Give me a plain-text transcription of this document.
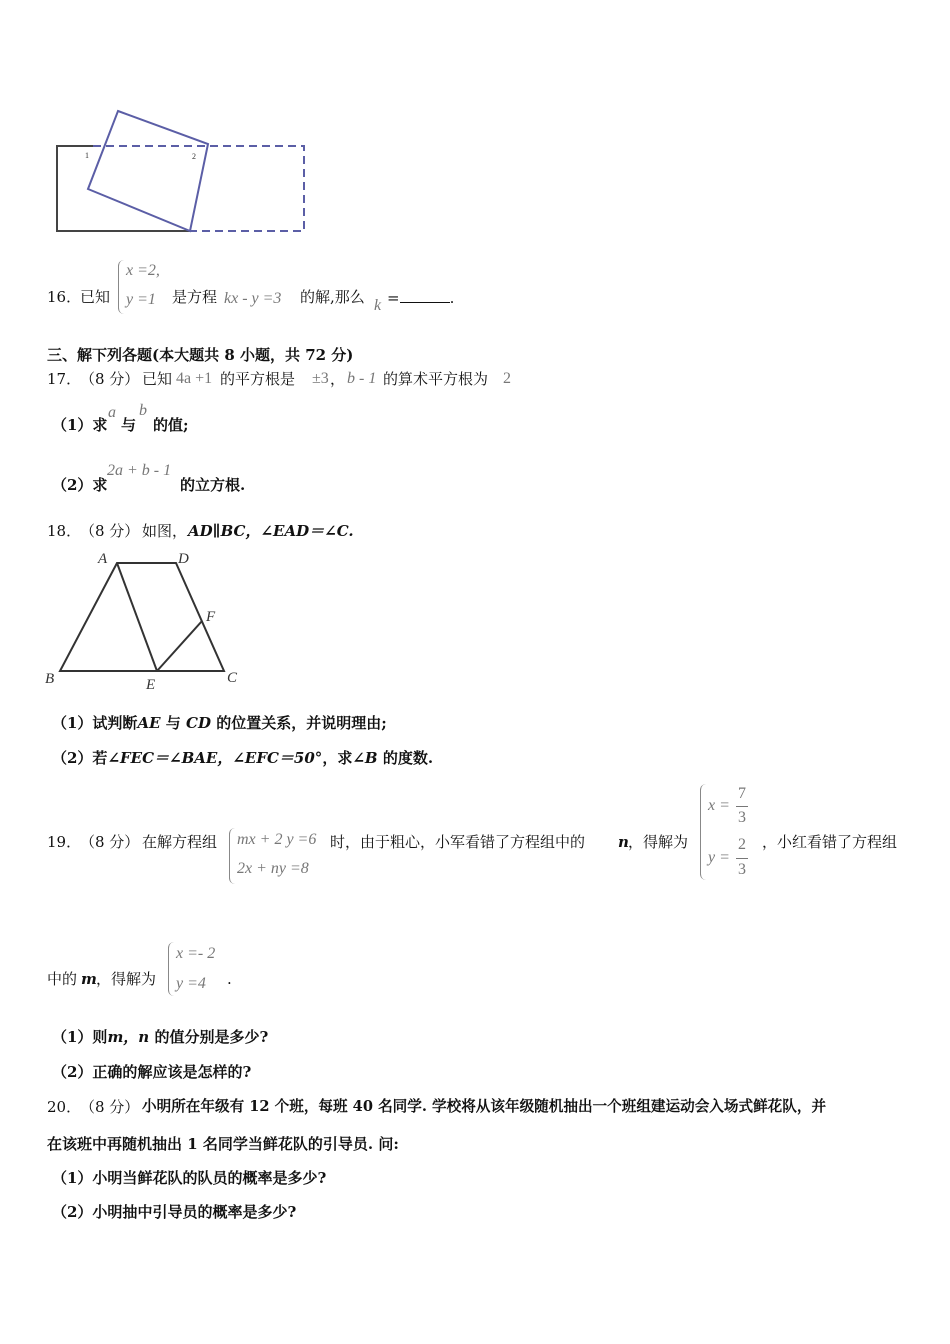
1	2
16．
已知
x =2,
y =1 是方程 kx - y =3 的解,那么 k =	.
三、解下列各题(本大题共 8 小题，共 72 分)
17．
（8 分） 已知 4a +1 的平方根是 ±3 ， b - 1 的算术平方根为 2
（1）求
a
与
b
的值;
（2）求
2a + b - 1
的立方根.
18．
（8 分） 如图， AD∥BC，∠EAD＝∠C.
A	D
F
B	E	C
（1）试判断AE 与 CD 的位置关系，并说明理由;
（2）若∠FEC＝∠BAE，∠EFC＝50°，求∠B 的度数.
19．
（8 分） 在解方程组 mx + 2 y =6
2x + ny =8
时，由于粗心，小军看错了方程组中的 n ，得解为
x =
7
3
y =
2
3
，小红看错了方程组
中的 m ，得解为
x =- 2
y =4 .
（1）则m，n 的值分别是多少?
（2）正确的解应该是怎样的?
20．
（8 分） 小明所在年级有 12 个班，每班 40 名同学. 学校将从该年级随机抽出一个班组建运动会入场式鲜花队，并
在该班中再随机抽出 1 名同学当鲜花队的引导员. 问:
（1）小明当鲜花队的队员的概率是多少?
（2）小明抽中引导员的概率是多少?
